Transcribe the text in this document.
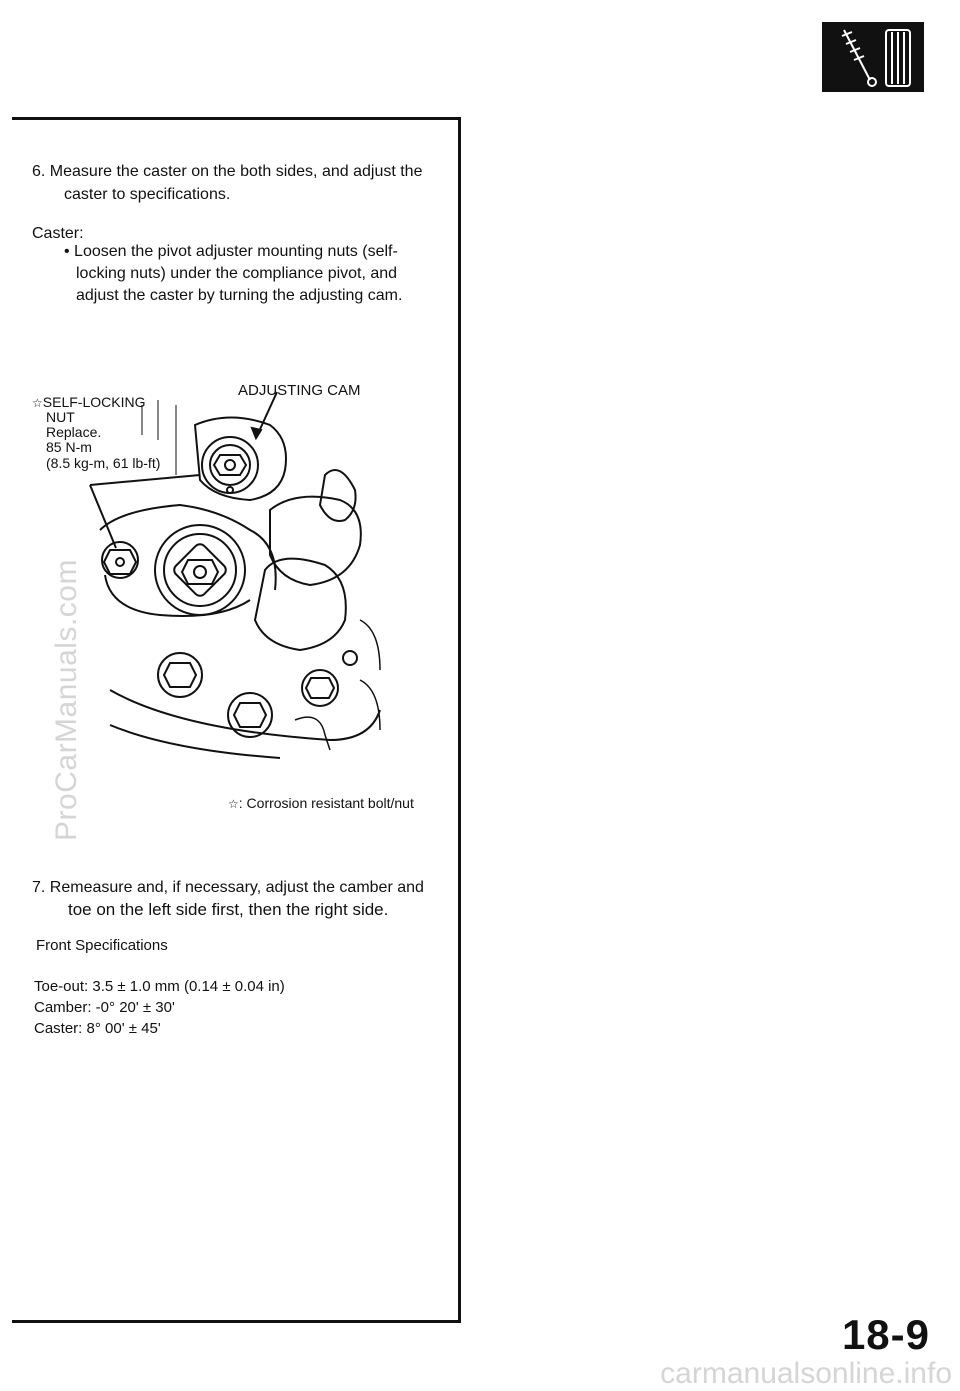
6. Measure the caster on the both sides, and adjust the
caster to specifications.
Caster:
• Loosen the pivot adjuster mounting nuts (self-
locking nuts) under the compliance pivot, and
adjust the caster by turning the adjusting cam.
ADJUSTING CAM
☆SELF-LOCKING
NUT
Replace.
85 N-m
(8.5 kg-m, 61 lb-ft)
☆: Corrosion resistant bolt/nut
7. Remeasure and, if necessary, adjust the camber and
toe on the left side first, then the right side.
Front Specifications
Toe-out: 3.5 ± 1.0 mm (0.14 ± 0.04 in)
Camber: -0° 20' ± 30'
Caster: 8° 00' ± 45'
ProCarManuals.com
18-9
carmanualsonline.info
